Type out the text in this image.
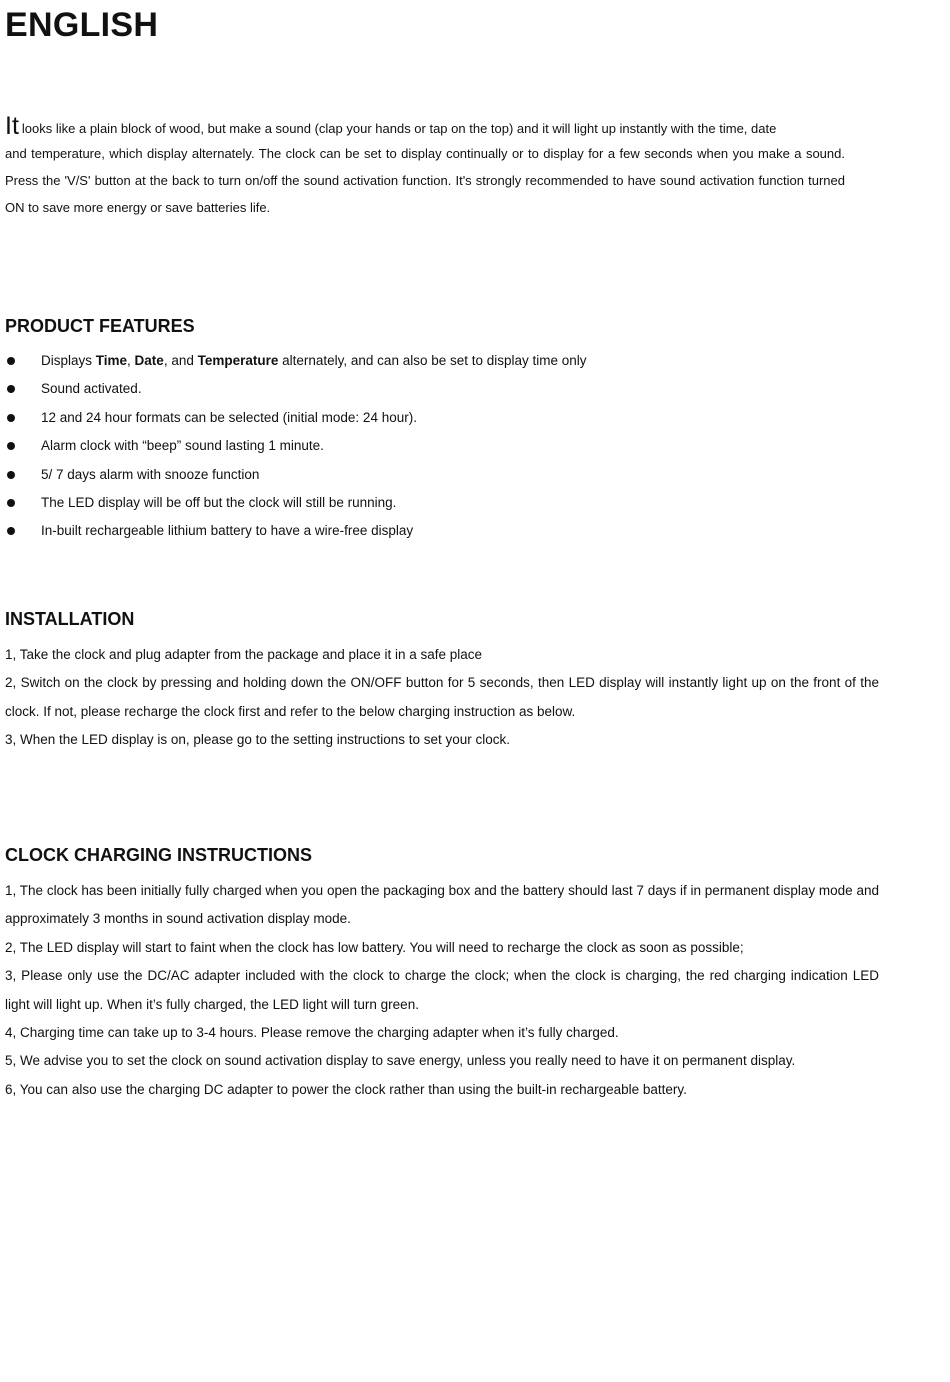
ENGLISH

It looks like a plain block of wood, but make a sound (clap your hands or tap on the top) and it will light up instantly with the time, date
and temperature, which display alternately. The clock can be set to display continually or to display for a few seconds when you make a sound. Press the 'V/S' button at the back to turn on/off the sound activation function. It's strongly recommended to have sound activation function turned ON to save more energy or save batteries life.

PRODUCT FEATURES
Displays Time, Date, and Temperature alternately, and can also be set to display time only
Sound activated.
12 and 24 hour formats can be selected (initial mode: 24 hour).
Alarm clock with “beep” sound lasting 1 minute.
5/ 7 days alarm with snooze function
The LED display will be off but the clock will still be running.
In-built rechargeable lithium battery to have a wire-free display
INSTALLATION
1, Take the clock and plug adapter from the package and place it in a safe place
2, Switch on the clock by pressing and holding down the ON/OFF button for 5 seconds, then LED display will instantly light up on the front of the clock. If not, please recharge the clock first and refer to the below charging instruction as below.
3, When the LED display is on, please go to the setting instructions to set your clock.
CLOCK CHARGING INSTRUCTIONS
1, The clock has been initially fully charged when you open the packaging box and the battery should last 7 days if in permanent display mode and approximately 3 months in sound activation display mode.
2, The LED display will start to faint when the clock has low battery. You will need to recharge the clock as soon as possible;
3, Please only use the DC/AC adapter included with the clock to charge the clock; when the clock is charging, the red charging indication LED light will light up. When it’s fully charged, the LED light will turn green.
4, Charging time can take up to 3-4 hours. Please remove the charging adapter when it’s fully charged.
5, We advise you to set the clock on sound activation display to save energy, unless you really need to have it on permanent display.
6, You can also use the charging DC adapter to power the clock rather than using the built-in rechargeable battery.
